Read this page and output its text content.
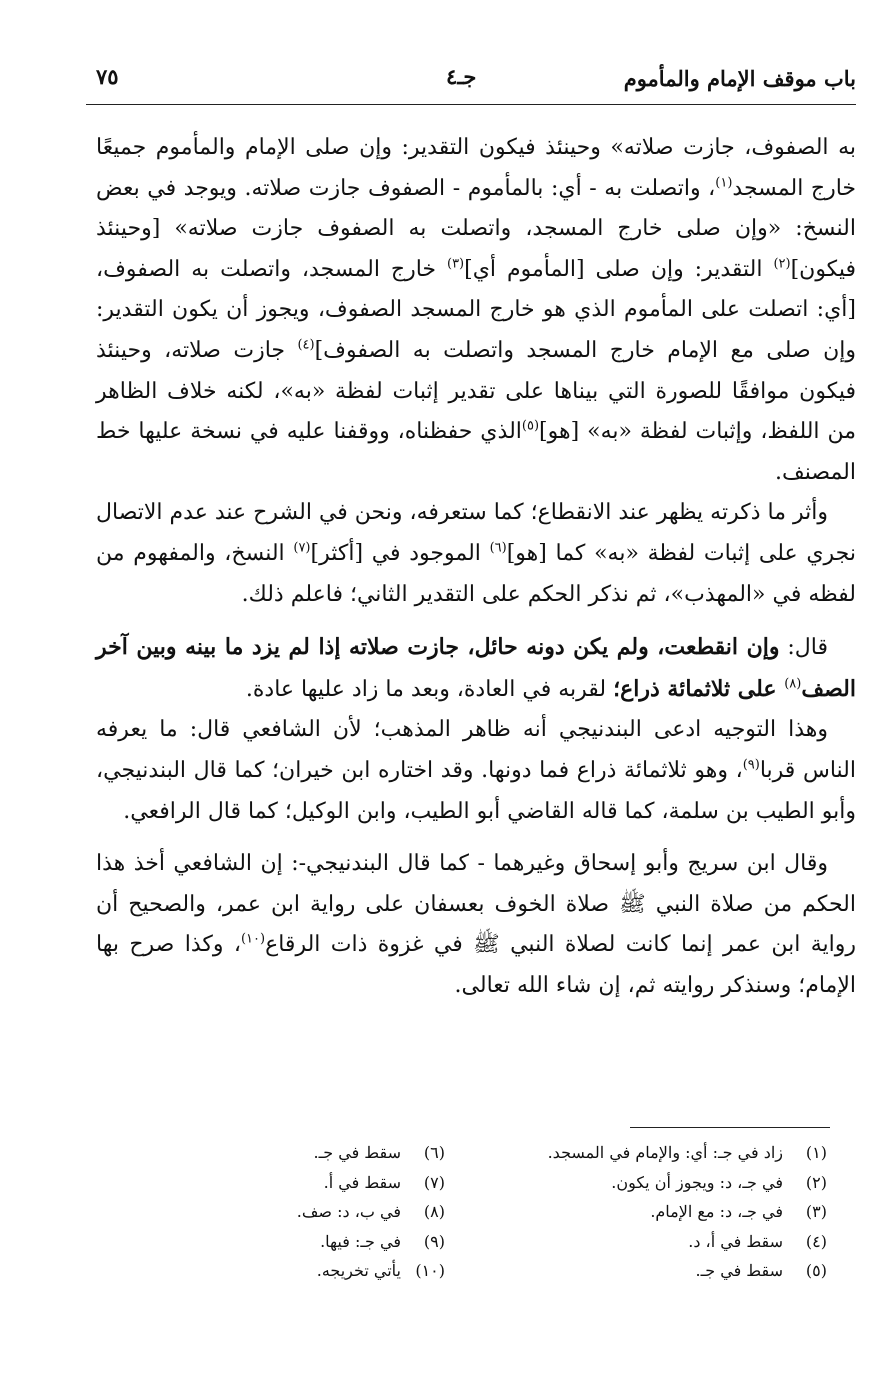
باب موقف الإمام والمأموم
جـ٤
٧٥

به الصفوف، جازت صلاته» وحينئذ فيكون التقدير: وإن صلى الإمام والمأموم جميعًا خارج المسجد$^{(١)}$، واتصلت به - أي: بالمأموم - الصفوف جازت صلاته. ويوجد في بعض النسخ: «وإن صلى خارج المسجد، واتصلت به الصفوف جازت صلاته» [وحينئذ فيكون]$^{(٢)}$ التقدير: وإن صلى [المأموم أي]$^{(٣)}$ خارج المسجد، واتصلت به الصفوف، [أي: اتصلت على المأموم الذي هو خارج المسجد الصفوف، ويجوز أن يكون التقدير: وإن صلى مع الإمام خارج المسجد واتصلت به الصفوف]$^{(٤)}$ جازت صلاته، وحينئذ فيكون موافقًا للصورة التي بيناها على تقدير إثبات لفظة «به»، لكنه خلاف الظاهر من اللفظ، وإثبات لفظة «به» [هو]$^{(٥)}$الذي حفظناه، ووقفنا عليه في نسخة عليها خط المصنف.

وأثر ما ذكرته يظهر عند الانقطاع؛ كما ستعرفه، ونحن في الشرح عند عدم الاتصال نجري على إثبات لفظة «به» كما [هو]$^{(٦)}$ الموجود في [أكثر]$^{(٧)}$ النسخ، والمفهوم من لفظه في «المهذب»، ثم نذكر الحكم على التقدير الثاني؛ فاعلم ذلك.

قال: وإن انقطعت، ولم يكن دونه حائل، جازت صلاته إذا لم يزد ما بينه وبين آخر الصف$^{(٨)}$ على ثلاثمائة ذراع؛ لقربه في العادة، وبعد ما زاد عليها عادة.

وهذا التوجيه ادعى البندنيجي أنه ظاهر المذهب؛ لأن الشافعي قال: ما يعرفه الناس قربا$^{(٩)}$، وهو ثلاثمائة ذراع فما دونها. وقد اختاره ابن خيران؛ كما قال البندنيجي، وأبو الطيب بن سلمة، كما قاله القاضي أبو الطيب، وابن الوكيل؛ كما قال الرافعي.

وقال ابن سريج وأبو إسحاق وغيرهما - كما قال البندنيجي-: إن الشافعي أخذ هذا الحكم من صلاة النبي ﷺ صلاة الخوف بعسفان على رواية ابن عمر، والصحيح أن رواية ابن عمر إنما كانت لصلاة النبي ﷺ في غزوة ذات الرقاع$^{(١٠)}$، وكذا صرح بها الإمام؛ وسنذكر روايته ثم، إن شاء الله تعالى.

(١)زاد في جـ: أي: والإمام في المسجد.
(٢)في جـ، د: ويجوز أن يكون.
(٣)في جـ، د: مع الإمام.
(٤)سقط في أ، د.
(٥)سقط في جـ.
(٦)سقط في جـ.
(٧)سقط في أ.
(٨)في ب، د: صف.
(٩)في جـ: فيها.
(١٠)يأتي تخريجه.
